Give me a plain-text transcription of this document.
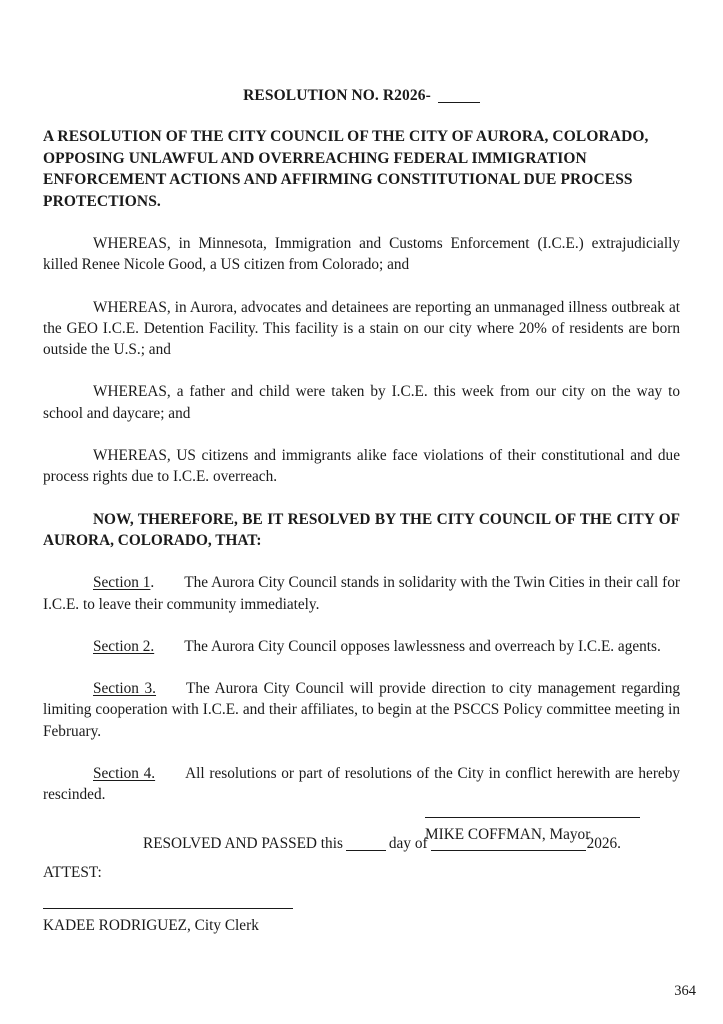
RESOLUTION NO. R2026-
A RESOLUTION OF THE CITY COUNCIL OF THE CITY OF AURORA, COLORADO, OPPOSING UNLAWFUL AND OVERREACHING FEDERAL IMMIGRATION ENFORCEMENT ACTIONS AND AFFIRMING CONSTITUTIONAL DUE PROCESS PROTECTIONS.
WHEREAS, in Minnesota, Immigration and Customs Enforcement (I.C.E.) extrajudicially killed Renee Nicole Good, a US citizen from Colorado; and
WHEREAS, in Aurora, advocates and detainees are reporting an unmanaged illness outbreak at the GEO I.C.E. Detention Facility. This facility is a stain on our city where 20% of residents are born outside the U.S.; and
WHEREAS, a father and child were taken by I.C.E. this week from our city on the way to school and daycare; and
WHEREAS, US citizens and immigrants alike face violations of their constitutional and due process rights due to I.C.E. overreach.
NOW, THEREFORE, BE IT RESOLVED BY THE CITY COUNCIL OF THE CITY OF AURORA, COLORADO, THAT:
Section 1. The Aurora City Council stands in solidarity with the Twin Cities in their call for I.C.E. to leave their community immediately.
Section 2. The Aurora City Council opposes lawlessness and overreach by I.C.E. agents.
Section 3. The Aurora City Council will provide direction to city management regarding limiting cooperation with I.C.E. and their affiliates, to begin at the PSCCS Policy committee meeting in February.
Section 4. All resolutions or part of resolutions of the City in conflict herewith are hereby rescinded.
RESOLVED AND PASSED this	day of	2026.
MIKE COFFMAN, Mayor
ATTEST:
KADEE RODRIGUEZ, City Clerk
364
